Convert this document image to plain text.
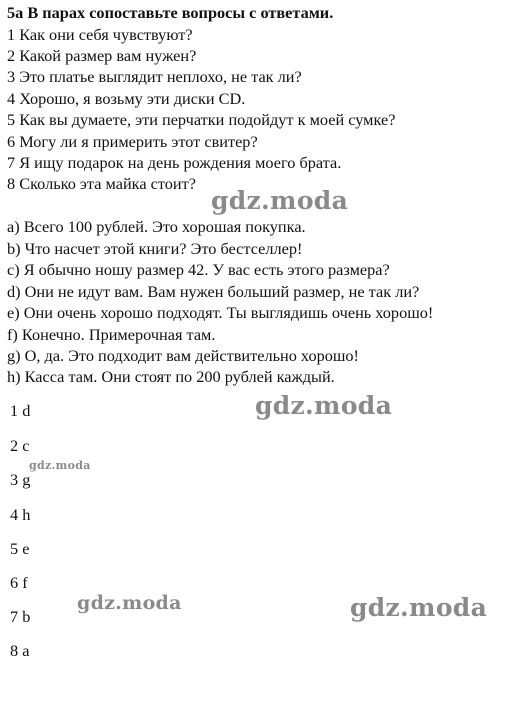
5a В парах сопоставьте вопросы с ответами.
1 Как они себя чувствуют?
2 Какой размер вам нужен?
3 Это платье выглядит неплохо, не так ли?
4 Хорошо, я возьму эти диски CD.
5 Как вы думаете, эти перчатки подойдут к моей сумке?
6 Могу ли я примерить этот свитер?
7 Я ищу подарок на день рождения моего брата.
8 Сколько эта майка стоит?
a) Всего 100 рублей. Это хорошая покупка.
b) Что насчет этой книги? Это бестселлер!
c) Я обычно ношу размер 42. У вас есть этого размера?
d) Они не идут вам. Вам нужен больший размер, не так ли?
e) Они очень хорошо подходят. Ты выглядишь очень хорошо!
f) Конечно. Примерочная там.
g) О, да. Это подходит вам действительно хорошо!
h) Касса там. Они стоят по 200 рублей каждый.
1 d
2 c
3 g
4 h
5 e
6 f
7 b
8 a
gdz.moda
gdz.moda
gdz.moda
gdz.moda	gdz.moda
